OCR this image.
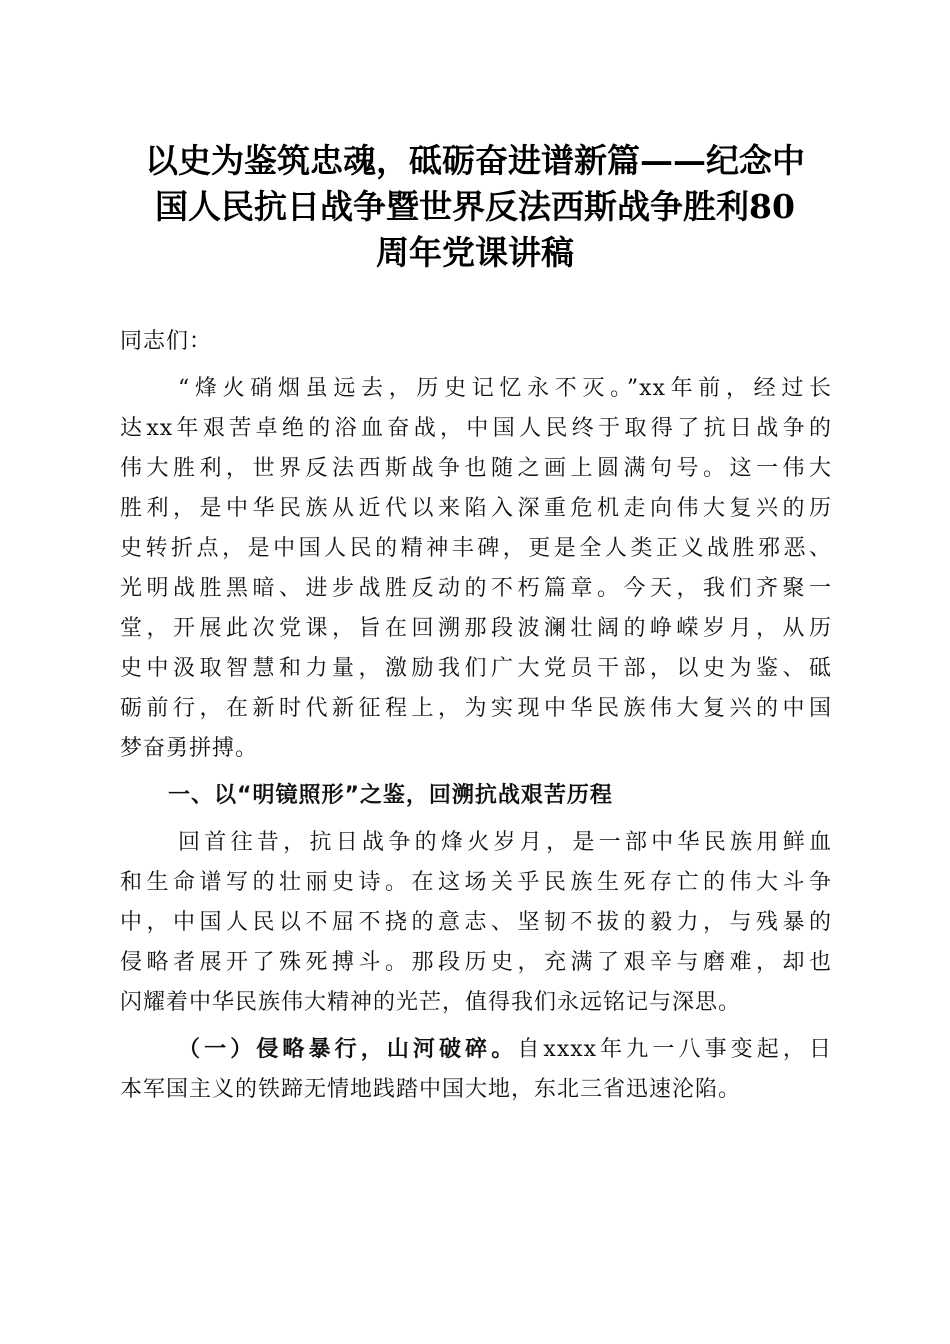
以史为鉴筑忠魂，砥砺奋进谱新篇——纪念中
国人民抗日战争暨世界反法西斯战争胜利80
周年党课讲稿
同志们：
“烽火硝烟虽远去，历史记忆永不灭。”xx年前，经过长
达xx年艰苦卓绝的浴血奋战，中国人民终于取得了抗日战争的
伟大胜利，世界反法西斯战争也随之画上圆满句号。这一伟大
胜利，是中华民族从近代以来陷入深重危机走向伟大复兴的历
史转折点，是中国人民的精神丰碑，更是全人类正义战胜邪恶、
光明战胜黑暗、进步战胜反动的不朽篇章。今天，我们齐聚一
堂，开展此次党课，旨在回溯那段波澜壮阔的峥嵘岁月，从历
史中汲取智慧和力量，激励我们广大党员干部，以史为鉴、砥
砺前行，在新时代新征程上，为实现中华民族伟大复兴的中国
梦奋勇拼搏。
一、以“明镜照形”之鉴，回溯抗战艰苦历程
回首往昔，抗日战争的烽火岁月，是一部中华民族用鲜血
和生命谱写的壮丽史诗。在这场关乎民族生死存亡的伟大斗争
中，中国人民以不屈不挠的意志、坚韧不拔的毅力，与残暴的
侵略者展开了殊死搏斗。那段历史，充满了艰辛与磨难，却也
闪耀着中华民族伟大精神的光芒，值得我们永远铭记与深思。
（一）侵略暴行，山河破碎。自xxxx年九一八事变起，日
本军国主义的铁蹄无情地践踏中国大地，东北三省迅速沦陷。
